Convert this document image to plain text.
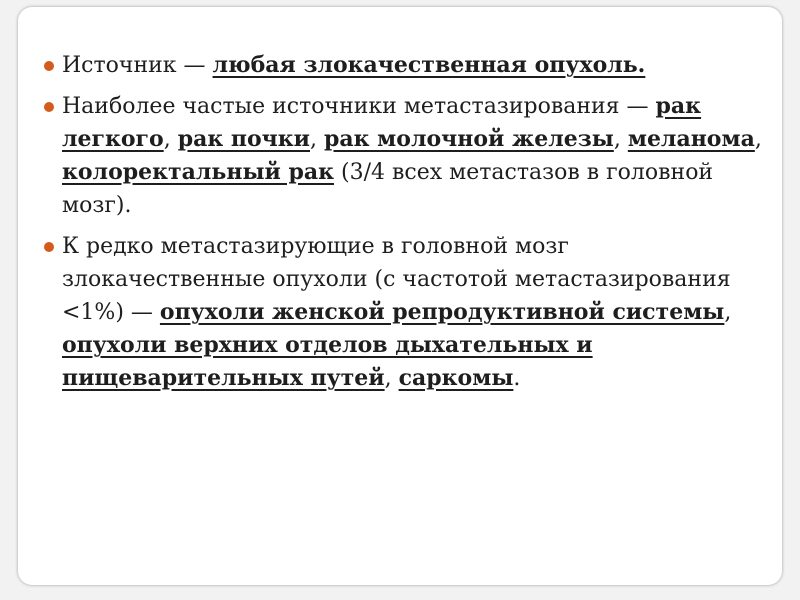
Источник — любая злокачественная опухоль.
Наиболее частые источники метастазирования — рак легкого, рак почки, рак молочной железы, меланома, колоректальный рак (3/4 всех метастазов в головной мозг).
К редко метастазирующие в головной мозг злокачественные опухоли (с частотой метастазирования <1%) — опухоли женской репродуктивной системы, опухоли верхних отделов дыхательных и пищеварительных путей, саркомы.
